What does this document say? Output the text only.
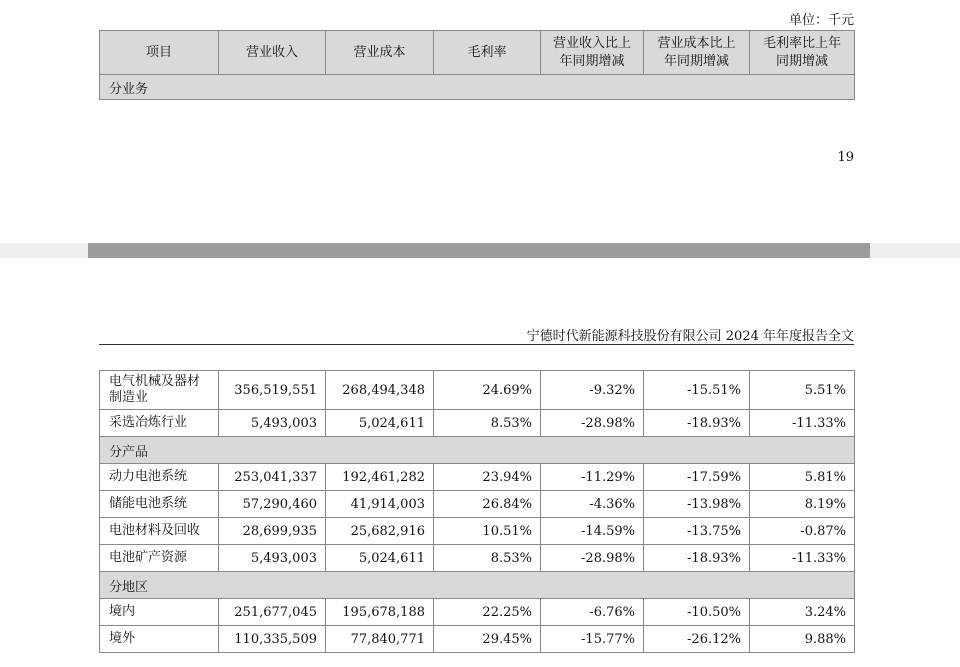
单位：千元
项目	营业收入	营业成本	毛利率	营业收入比上
年同期增减	营业成本比上
年同期增减	毛利率比上年
同期增减
分业务
19
宁德时代新能源科技股份有限公司 2024 年年度报告全文
电气机械及器材
制造业	356,519,551	268,494,348	24.69%	-9.32%	-15.51%	5.51%
采选冶炼行业	5,493,003	5,024,611	8.53%	-28.98%	-18.93%	-11.33%
分产品						
动力电池系统	253,041,337	192,461,282	23.94%	-11.29%	-17.59%	5.81%
储能电池系统	57,290,460	41,914,003	26.84%	-4.36%	-13.98%	8.19%
电池材料及回收	28,699,935	25,682,916	10.51%	-14.59%	-13.75%	-0.87%
电池矿产资源	5,493,003	5,024,611	8.53%	-28.98%	-18.93%	-11.33%
分地区						
境内	251,677,045	195,678,188	22.25%	-6.76%	-10.50%	3.24%
境外	110,335,509	77,840,771	29.45%	-15.77%	-26.12%	9.88%
